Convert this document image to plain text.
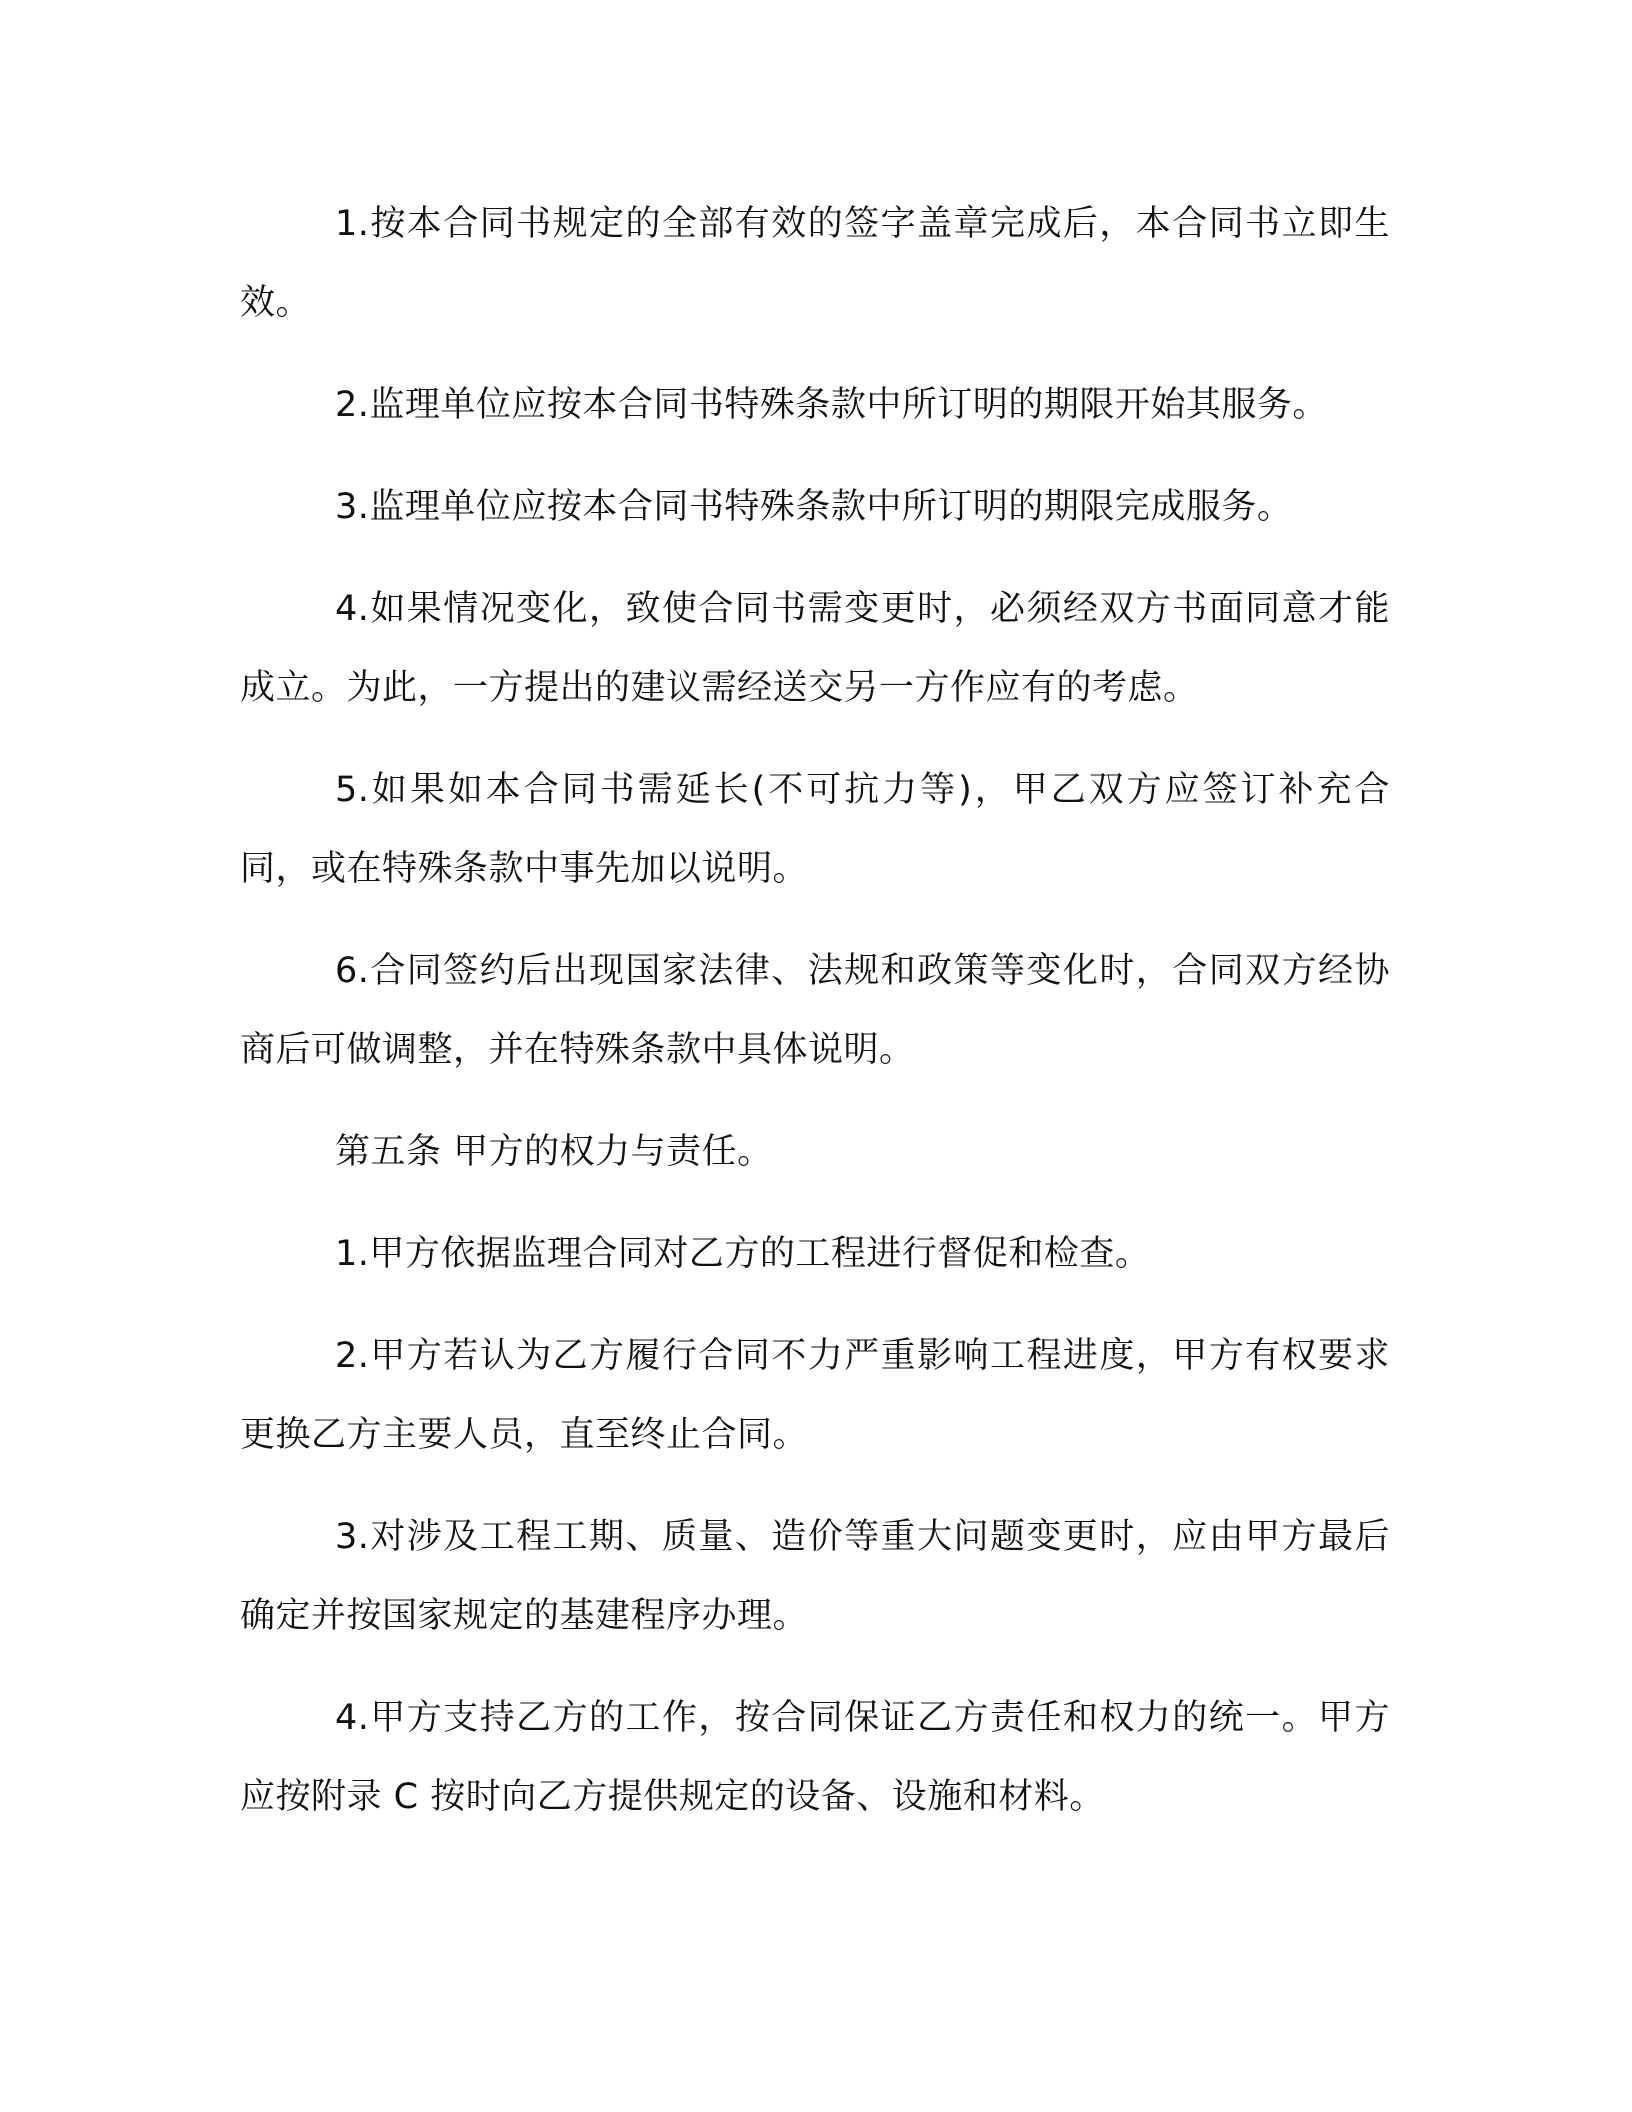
1.按本合同书规定的全部有效的签字盖章完成后，本合同书立即生效。

2.监理单位应按本合同书特殊条款中所订明的期限开始其服务。

3.监理单位应按本合同书特殊条款中所订明的期限完成服务。

4.如果情况变化，致使合同书需变更时，必须经双方书面同意才能成立。为此，一方提出的建议需经送交另一方作应有的考虑。

5.如果如本合同书需延长(不可抗力等)，甲乙双方应签订补充合同，或在特殊条款中事先加以说明。

6.合同签约后出现国家法律、法规和政策等变化时，合同双方经协商后可做调整，并在特殊条款中具体说明。

第五条 甲方的权力与责任。

1.甲方依据监理合同对乙方的工程进行督促和检查。

2.甲方若认为乙方履行合同不力严重影响工程进度，甲方有权要求更换乙方主要人员，直至终止合同。

3.对涉及工程工期、质量、造价等重大问题变更时，应由甲方最后确定并按国家规定的基建程序办理。

4.甲方支持乙方的工作，按合同保证乙方责任和权力的统一。甲方应按附录 C 按时向乙方提供规定的设备、设施和材料。
